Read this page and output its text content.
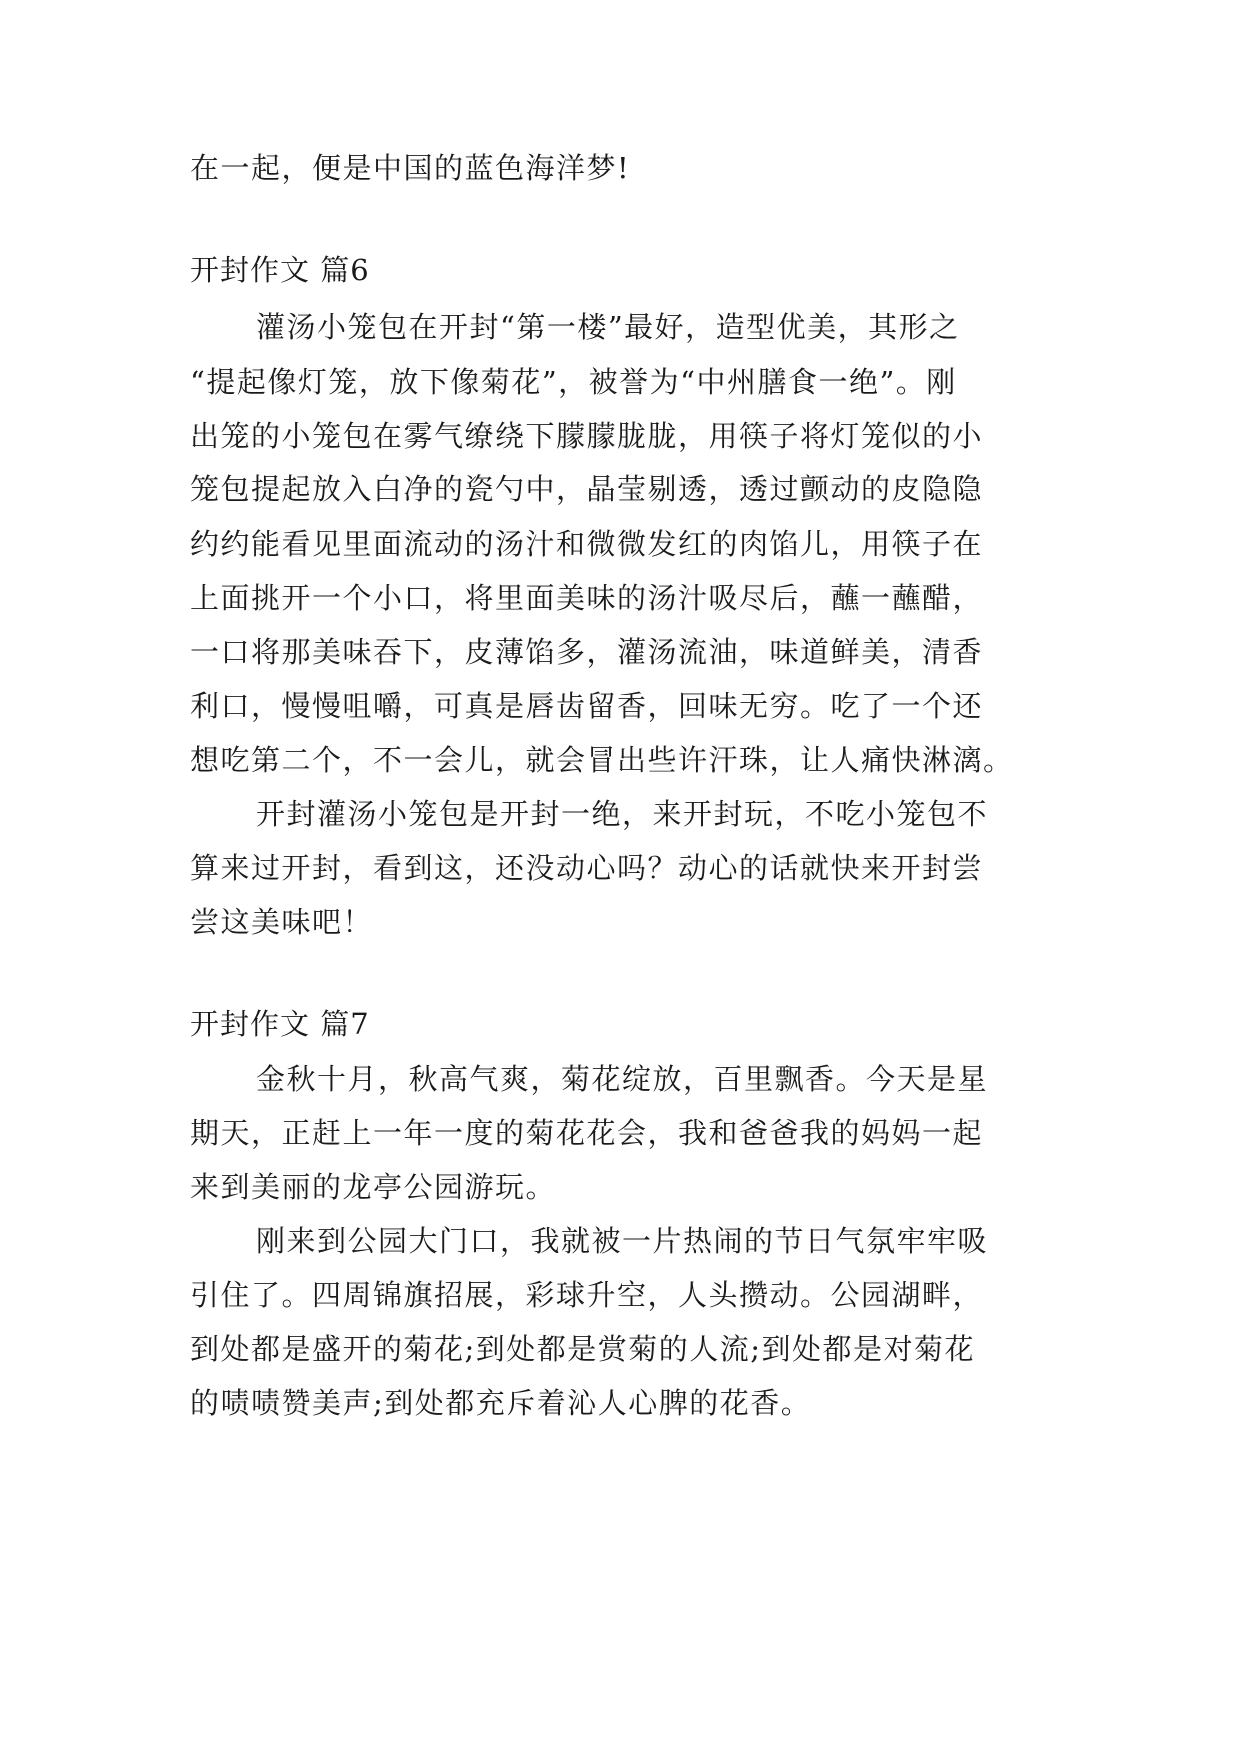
在一起，便是中国的蓝色海洋梦!
开封作文 篇6
灌汤小笼包在开封“第一楼”最好，造型优美，其形之
“提起像灯笼，放下像菊花”，被誉为“中州膳食一绝”。刚
出笼的小笼包在雾气缭绕下朦朦胧胧，用筷子将灯笼似的小
笼包提起放入白净的瓷勺中，晶莹剔透，透过颤动的皮隐隐
约约能看见里面流动的汤汁和微微发红的肉馅儿，用筷子在
上面挑开一个小口，将里面美味的汤汁吸尽后，蘸一蘸醋，
一口将那美味吞下，皮薄馅多，灌汤流油，味道鲜美，清香
利口，慢慢咀嚼，可真是唇齿留香，回味无穷。吃了一个还
想吃第二个，不一会儿，就会冒出些许汗珠，让人痛快淋漓。
开封灌汤小笼包是开封一绝，来开封玩，不吃小笼包不
算来过开封，看到这，还没动心吗？动心的话就快来开封尝
尝这美味吧！
开封作文 篇7
金秋十月，秋高气爽，菊花绽放，百里飘香。今天是星
期天，正赶上一年一度的菊花花会，我和爸爸我的妈妈一起
来到美丽的龙亭公园游玩。
刚来到公园大门口，我就被一片热闹的节日气氛牢牢吸
引住了。四周锦旗招展，彩球升空，人头攒动。公园湖畔，
到处都是盛开的菊花;到处都是赏菊的人流;到处都是对菊花
的啧啧赞美声;到处都充斥着沁人心脾的花香。
